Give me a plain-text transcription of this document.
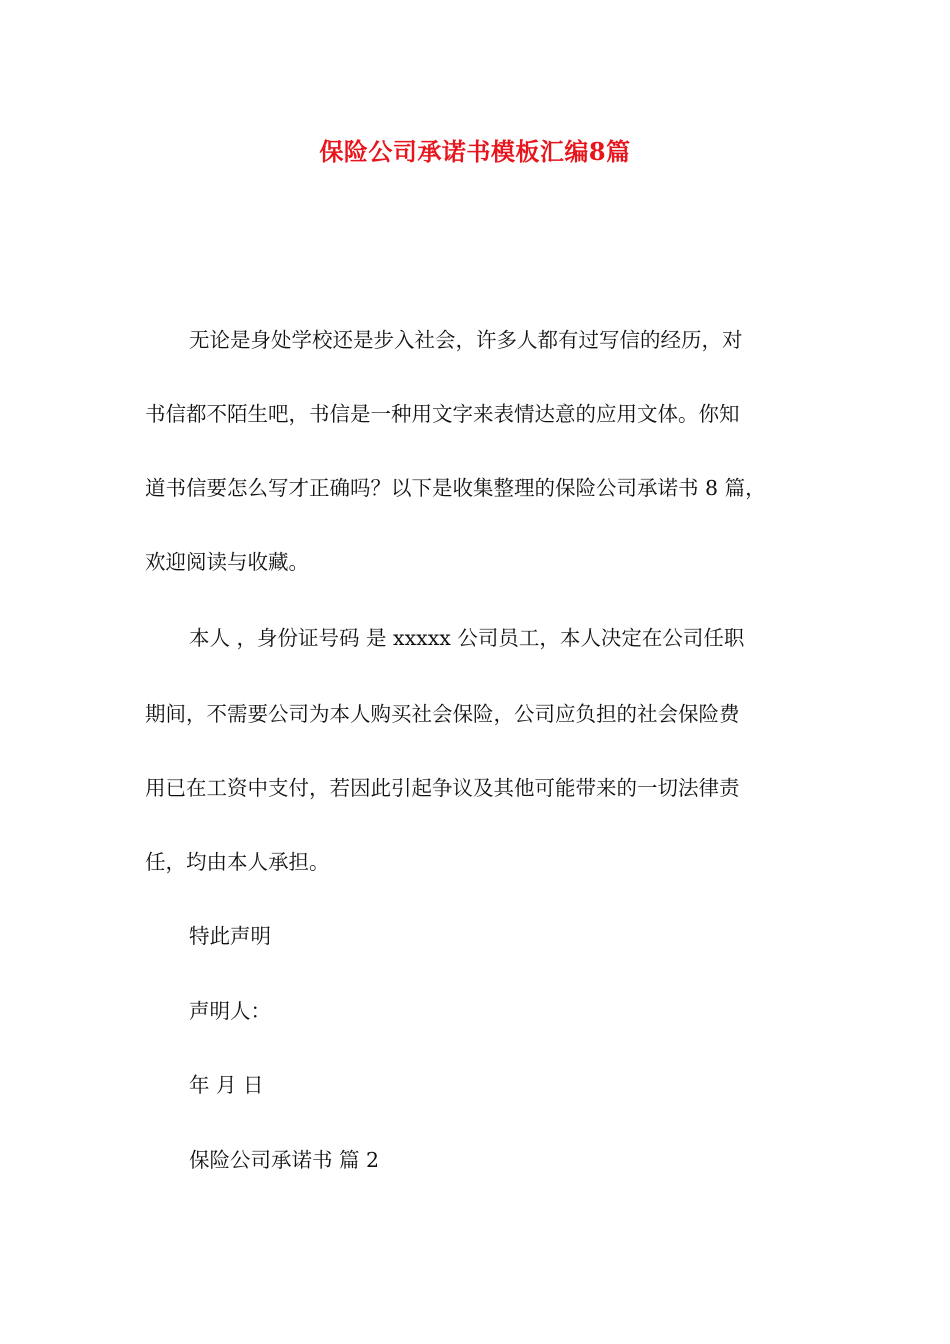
保险公司承诺书模板汇编8篇
无论是身处学校还是步入社会，许多人都有过写信的经历，对
书信都不陌生吧，书信是一种用文字来表情达意的应用文体。你知
道书信要怎么写才正确吗？以下是收集整理的保险公司承诺书 8 篇，
欢迎阅读与收藏。
本人 ，身份证号码 是 xxxxx 公司员工，本人决定在公司任职
期间，不需要公司为本人购买社会保险，公司应负担的社会保险费
用已在工资中支付，若因此引起争议及其他可能带来的一切法律责
任，均由本人承担。
特此声明
声明人：
年 月 日
保险公司承诺书 篇 2
